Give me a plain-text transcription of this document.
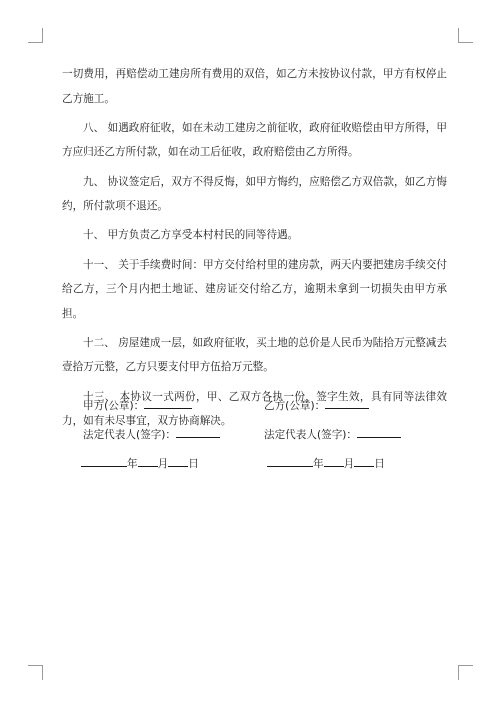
一切费用，再赔偿动工建房所有费用的双倍，如乙方未按协议付款，甲方有权停止乙方施工。

八、 如遇政府征收，如在未动工建房之前征收，政府征收赔偿由甲方所得，甲方应归还乙方所付款，如在动工后征收，政府赔偿由乙方所得。

九、 协议签定后，双方不得反悔，如甲方悔约，应赔偿乙方双倍款，如乙方悔约，所付款项不退还。

十、 甲方负责乙方享受本村村民的同等待遇。

十一、 关于手续费时间：甲方交付给村里的建房款，两天内要把建房手续交付给乙方，三个月内把土地证、建房证交付给乙方，逾期未拿到一切损失由甲方承担。

十二、 房屋建成一层，如政府征收，买土地的总价是人民币为陆拾万元整减去壹拾万元整，乙方只要支付甲方伍拾万元整。

十三、 本协议一式两份，甲、乙双方各执一份，签字生效，具有同等法律效力，如有未尽事宜，双方协商解决。

甲方(公章)：	乙方(公章)：
法定代表人(签字)：	法定代表人(签字)：
年 月 日	年 月 日
